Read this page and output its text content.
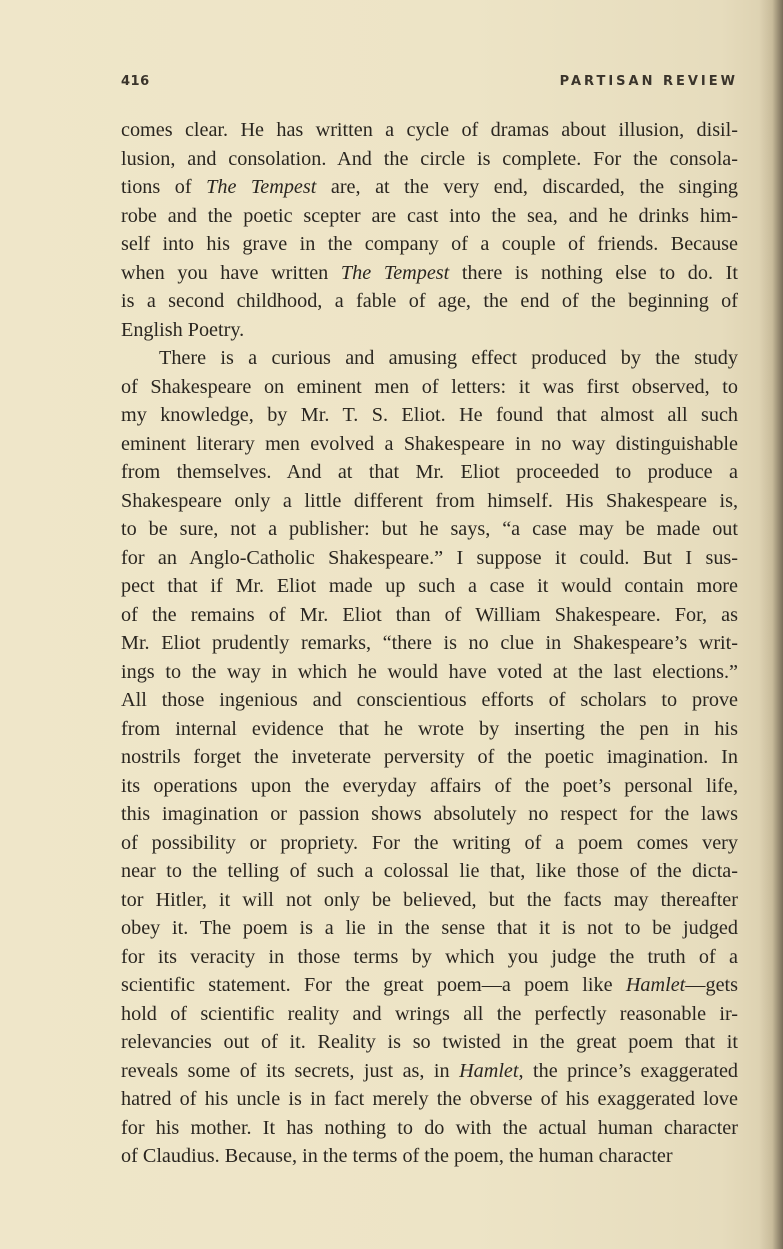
416	PARTISAN REVIEW
comes clear. He has written a cycle of dramas about illusion, disil-
lusion, and consolation. And the circle is complete. For the consola-
tions of The Tempest are, at the very end, discarded, the singing
robe and the poetic scepter are cast into the sea, and he drinks him-
self into his grave in the company of a couple of friends. Because
when you have written The Tempest there is nothing else to do. It
is a second childhood, a fable of age, the end of the beginning of
English Poetry.
There is a curious and amusing effect produced by the study
of Shakespeare on eminent men of letters: it was first observed, to
my knowledge, by Mr. T. S. Eliot. He found that almost all such
eminent literary men evolved a Shakespeare in no way distinguishable
from themselves. And at that Mr. Eliot proceeded to produce a
Shakespeare only a little different from himself. His Shakespeare is,
to be sure, not a publisher: but he says, “a case may be made out
for an Anglo-Catholic Shakespeare.” I suppose it could. But I sus-
pect that if Mr. Eliot made up such a case it would contain more
of the remains of Mr. Eliot than of William Shakespeare. For, as
Mr. Eliot prudently remarks, “there is no clue in Shakespeare’s writ-
ings to the way in which he would have voted at the last elections.”
All those ingenious and conscientious efforts of scholars to prove
from internal evidence that he wrote by inserting the pen in his
nostrils forget the inveterate perversity of the poetic imagination. In
its operations upon the everyday affairs of the poet’s personal life,
this imagination or passion shows absolutely no respect for the laws
of possibility or propriety. For the writing of a poem comes very
near to the telling of such a colossal lie that, like those of the dicta-
tor Hitler, it will not only be believed, but the facts may thereafter
obey it. The poem is a lie in the sense that it is not to be judged
for its veracity in those terms by which you judge the truth of a
scientific statement. For the great poem—a poem like Hamlet—gets
hold of scientific reality and wrings all the perfectly reasonable ir-
relevancies out of it. Reality is so twisted in the great poem that it
reveals some of its secrets, just as, in Hamlet, the prince’s exaggerated
hatred of his uncle is in fact merely the obverse of his exaggerated love
for his mother. It has nothing to do with the actual human character
of Claudius. Because, in the terms of the poem, the human character
